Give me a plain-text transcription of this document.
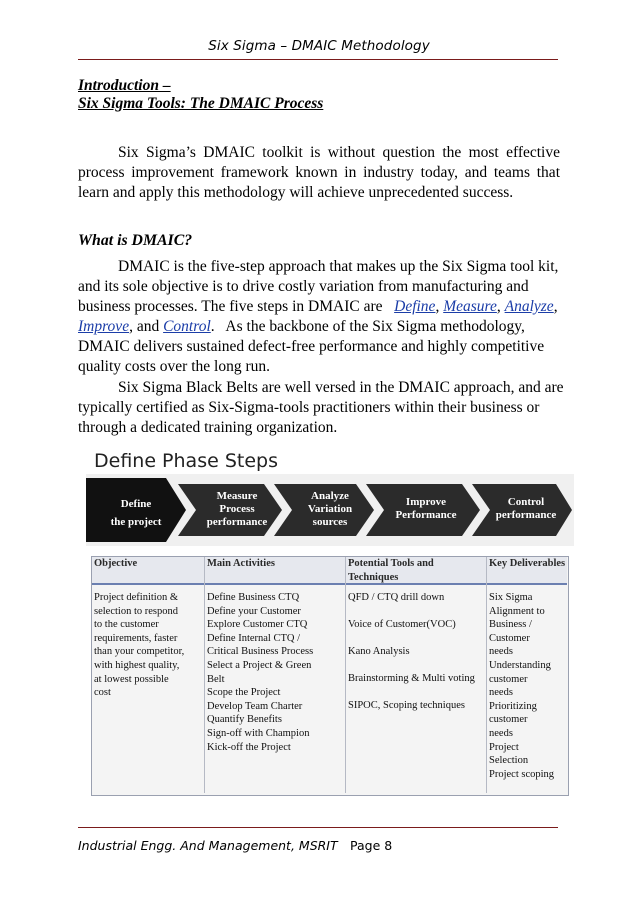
Six Sigma – DMAIC Methodology
Introduction –
Six Sigma Tools: The DMAIC Process
Six Sigma’s DMAIC toolkit is without question the most effective process improvement framework known in industry today, and teams that learn and apply this methodology will achieve unprecedented success.
What is DMAIC?
DMAIC is the five-step approach that makes up the Six Sigma tool kit, and its sole objective is to drive costly variation from manufacturing and business processes. The five steps in DMAIC are Define, Measure, Analyze, Improve, and Control.   As the backbone of the Six Sigma methodology, DMAIC delivers sustained defect-free performance and highly competitive quality costs over the long run.
Six Sigma Black Belts are well versed in the DMAIC approach, and are typically certified as Six-Sigma-tools practitioners within their business or through a dedicated training organization.
Define Phase Steps
Define
the project
Measure
Process
performance
Analyze
Variation
sources
Improve
Performance
Control
performance
Objective
Project definition &
selection to respond
to the customer
requirements, faster
than your competitor,
with highest quality,
at lowest possible
cost
Main Activities
Define Business CTQ
Define your Customer
Explore Customer CTQ
Define Internal CTQ /
Critical Business Process
Select a Project & Green
Belt
Scope the Project
Develop Team Charter
Quantify Benefits
Sign-off with Champion
Kick-off the Project
Potential Tools and Techniques
QFD / CTQ drill down
Voice of Customer(VOC)
Kano Analysis
Brainstorming & Multi voting
SIPOC, Scoping techniques
Key Deliverables
Six Sigma
Alignment to
Business /
Customer
needs
Understanding
customer
needs
Prioritizing
customer
needs
Project
Selection
Project scoping
Industrial Engg. And Management, MSRIT Page 8
